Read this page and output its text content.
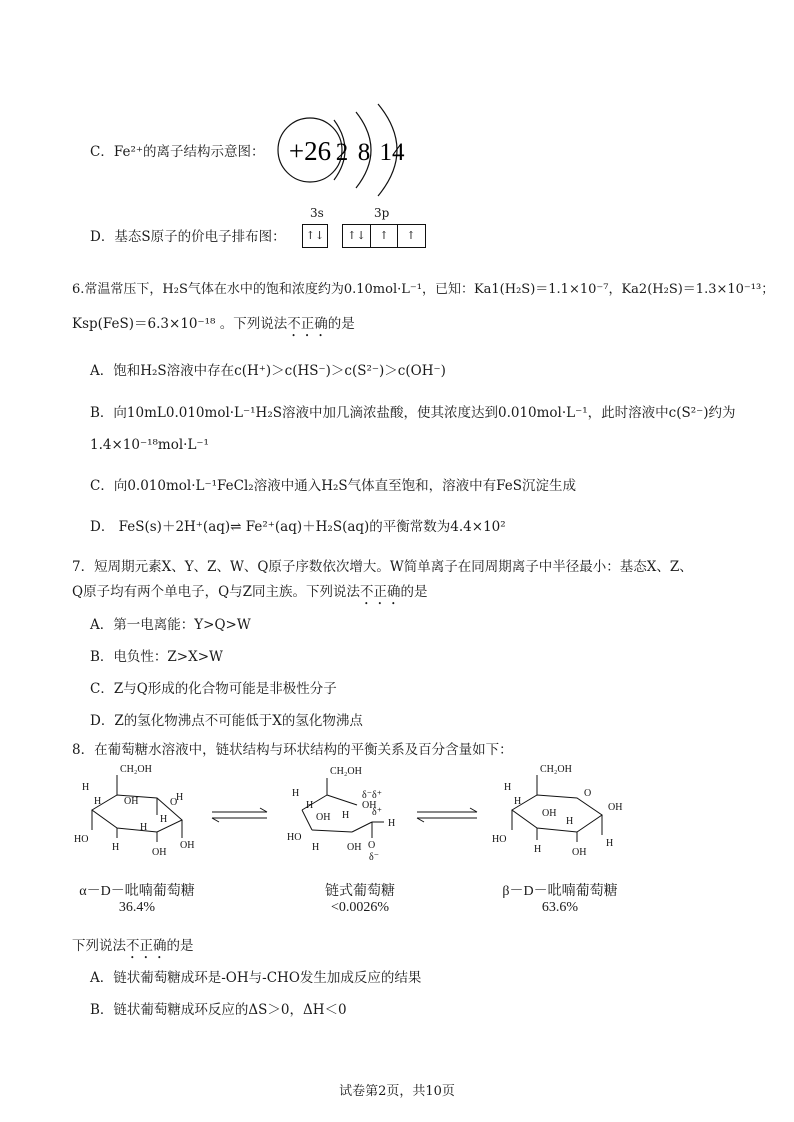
C．Fe²⁺的离子结构示意图： +26 2 8 14
D．基态S原子的价电子排布图：
3s	3p
↑↓	↑↓	↑	↑
6.常温常压下，H₂S气体在水中的饱和浓度约为0.10mol·L⁻¹，已知：Ka1(H₂S)＝1.1×10⁻⁷，Ka2(H₂S)＝1.3×10⁻¹³；
Ksp(FeS)＝6.3×10⁻¹⁸ 。下列说法不正确的是
A．饱和H₂S溶液中存在c(H⁺)＞c(HS⁻)＞c(S²⁻)＞c(OH⁻)
B．向10mL0.010mol·L⁻¹H₂S溶液中加几滴浓盐酸，使其浓度达到0.010mol·L⁻¹，此时溶液中c(S²⁻)约为
1.4×10⁻¹⁸mol·L⁻¹
C．向0.010mol·L⁻¹FeCl₂溶液中通入H₂S气体直至饱和，溶液中有FeS沉淀生成
D． FeS(s)＋2H⁺(aq)⇌ Fe²⁺(aq)＋H₂S(aq)的平衡常数为4.4×10²
7．短周期元素X、Y、Z、W、Q原子序数依次增大。W简单离子在同周期离子中半径最小：基态X、Z、
Q原子均有两个单电子，Q与Z同主族。下列说法不正确的是
A．第一电离能：Y>Q>W
B．电负性：Z>X>W
C．Z与Q形成的化合物可能是非极性分子
D．Z的氢化物沸点不可能低于X的氢化物沸点
8．在葡萄糖水溶液中，链状结构与环状结构的平衡关系及百分含量如下：
H
CH₂OH
H
H
HO
OH	O
H
H	OH
OH
H
CH₂OH
δ⁻δ⁺
OH
H
HO
OH
H	OH
δ⁺
H
O
δ⁻
H
H
H
CH₂OH
O
H
HO
OH
H
H	OH
OH
H
α－D－吡喃葡萄糖
36.4%
链式葡萄糖
<0.0026%
β－D－吡喃葡萄糖
63.6%
下列说法不正确的是
A．链状葡萄糖成环是-OH与-CHO发生加成反应的结果
B．链状葡萄糖成环反应的ΔS＞0，ΔH＜0
试卷第2页，共10页
